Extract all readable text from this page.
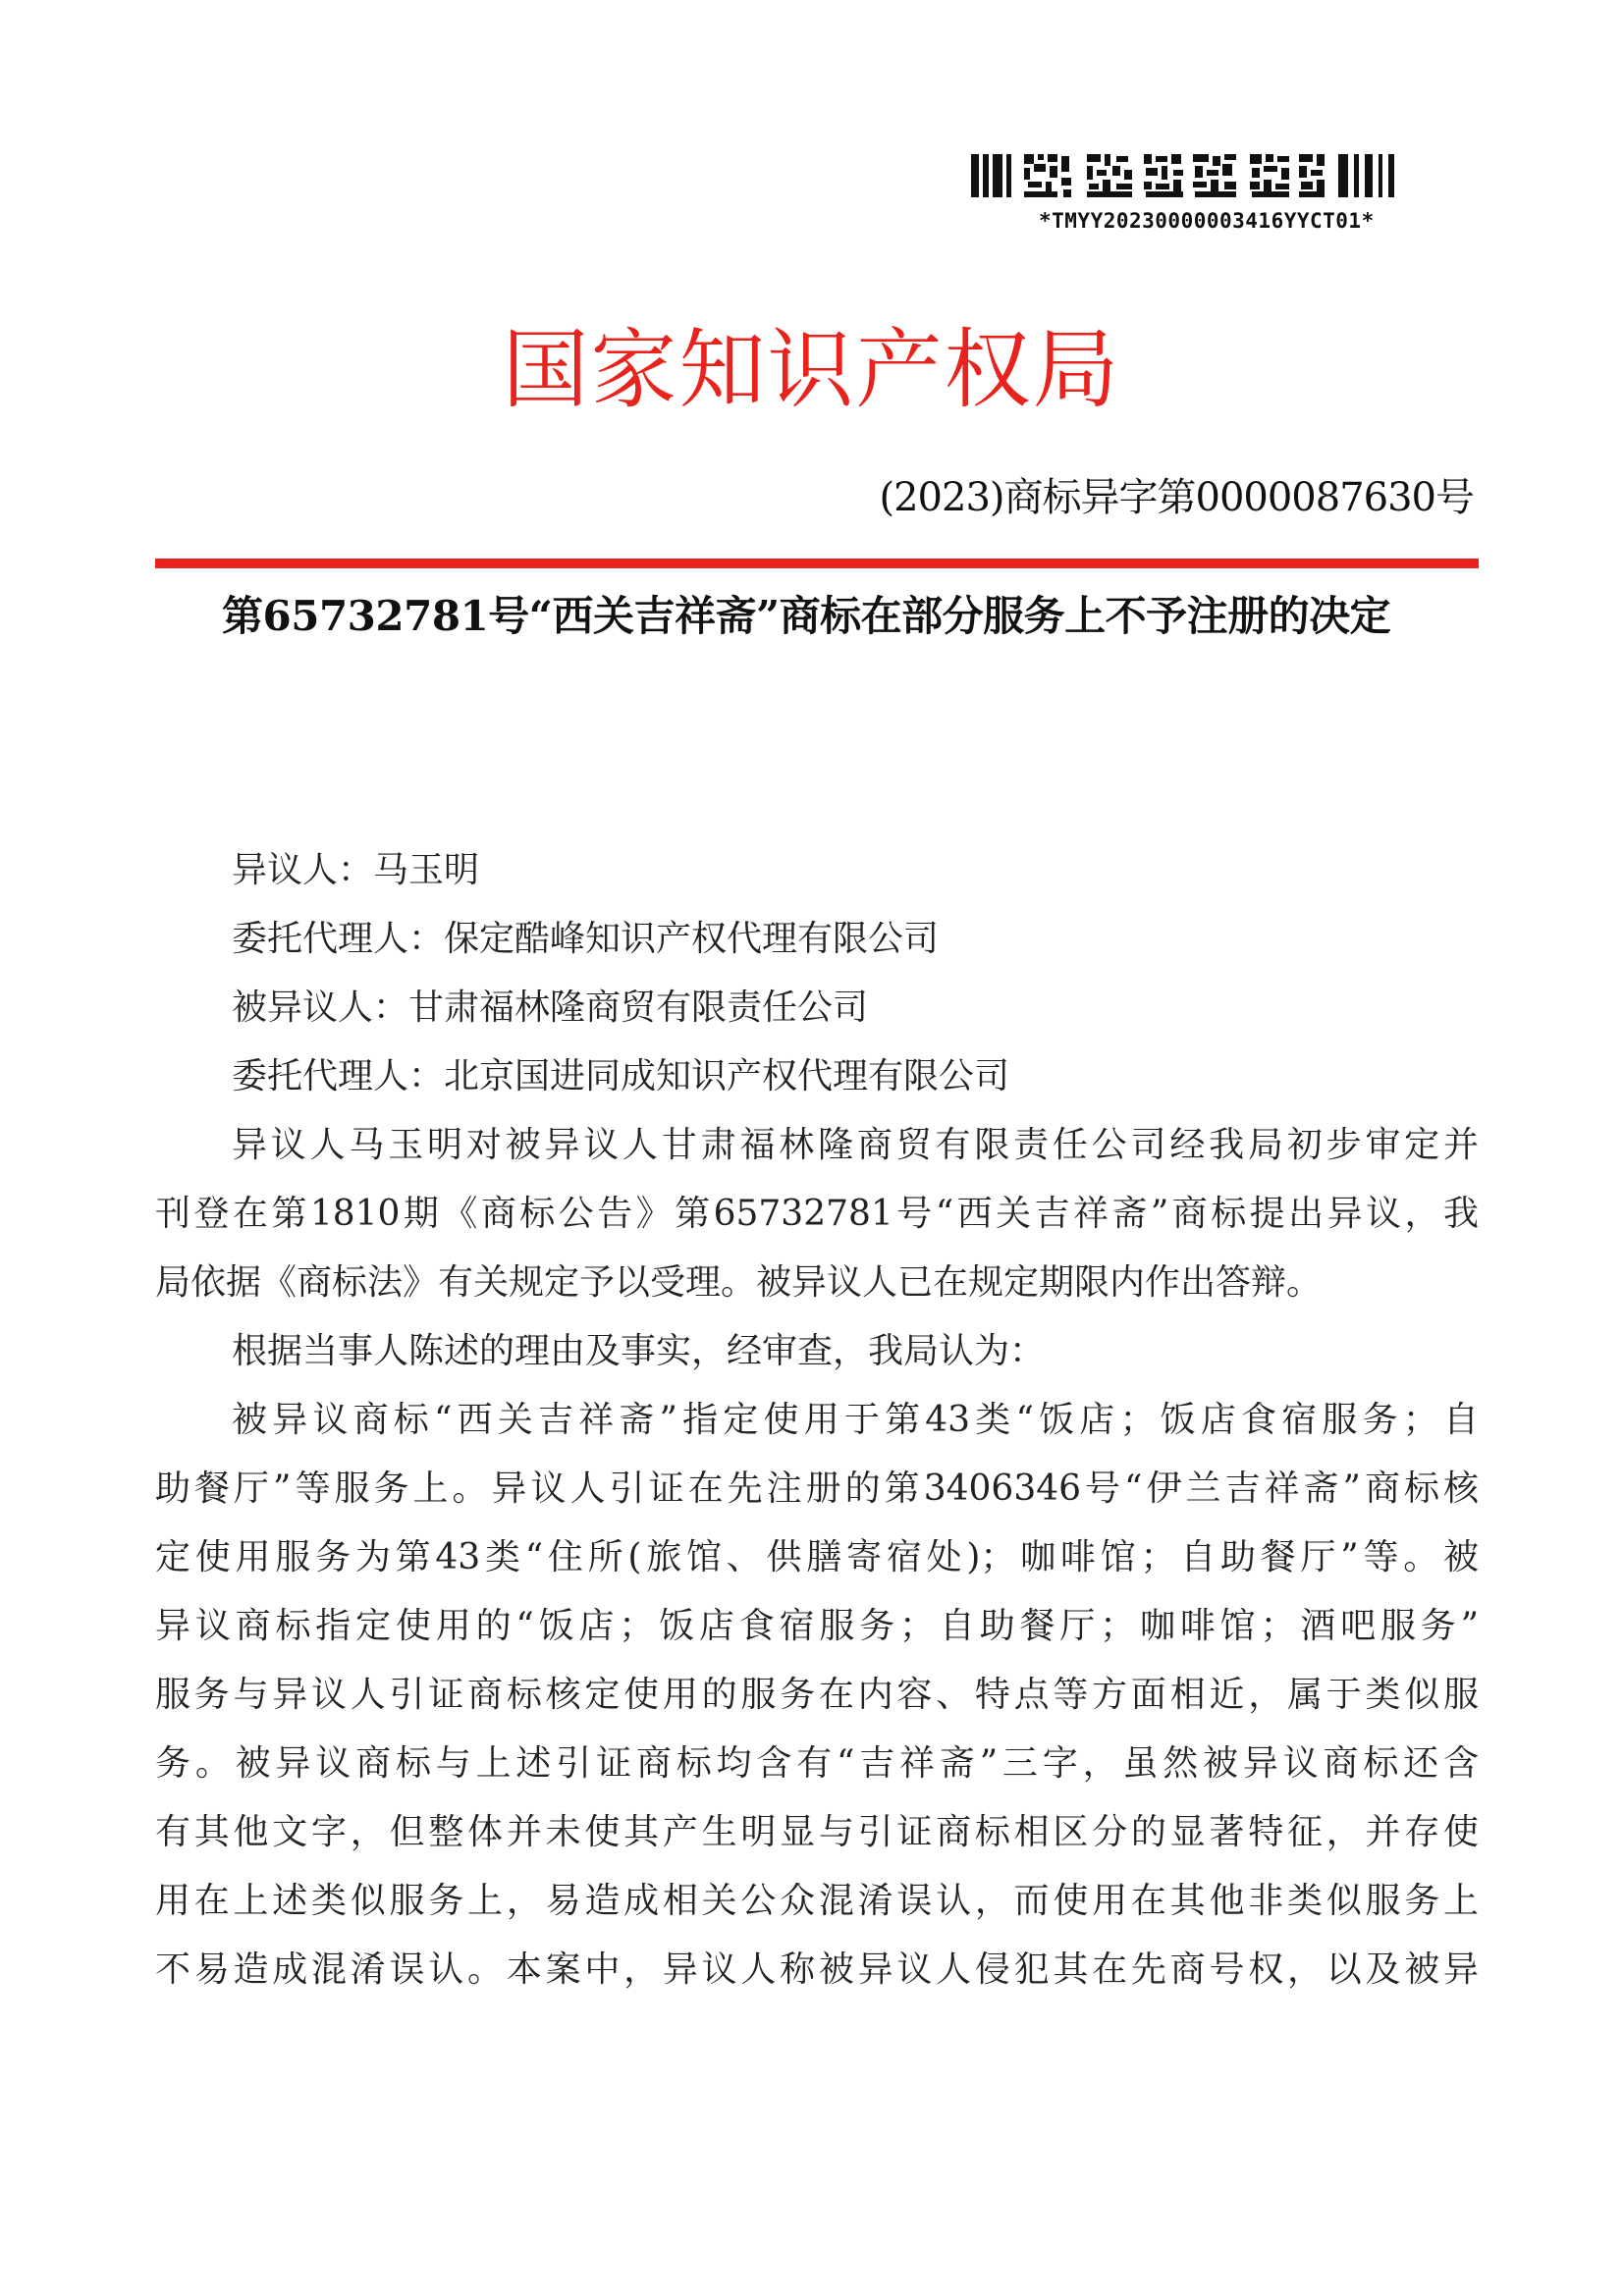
*TMYY20230000003416YYCT01*
国家知识产权局
(2023)商标异字第0000087630号
第65732781号“西关吉祥斋”商标在部分服务上不予注册的决定
异议人：马玉明
委托代理人：保定酷峰知识产权代理有限公司
被异议人：甘肃福林隆商贸有限责任公司
委托代理人：北京国进同成知识产权代理有限公司
异议人马玉明对被异议人甘肃福林隆商贸有限责任公司经我局初步审定并
刊登在第1810期《商标公告》第65732781号“西关吉祥斋”商标提出异议，我
局依据《商标法》有关规定予以受理。被异议人已在规定期限内作出答辩。
根据当事人陈述的理由及事实，经审查，我局认为：
被异议商标“西关吉祥斋”指定使用于第43类“饭店；饭店食宿服务；自
助餐厅”等服务上。异议人引证在先注册的第3406346号“伊兰吉祥斋”商标核
定使用服务为第43类“住所(旅馆、供膳寄宿处)；咖啡馆；自助餐厅”等。被
异议商标指定使用的“饭店；饭店食宿服务；自助餐厅；咖啡馆；酒吧服务”
服务与异议人引证商标核定使用的服务在内容、特点等方面相近，属于类似服
务。被异议商标与上述引证商标均含有“吉祥斋”三字，虽然被异议商标还含
有其他文字，但整体并未使其产生明显与引证商标相区分的显著特征，并存使
用在上述类似服务上，易造成相关公众混淆误认，而使用在其他非类似服务上
不易造成混淆误认。本案中，异议人称被异议人侵犯其在先商号权，以及被异
